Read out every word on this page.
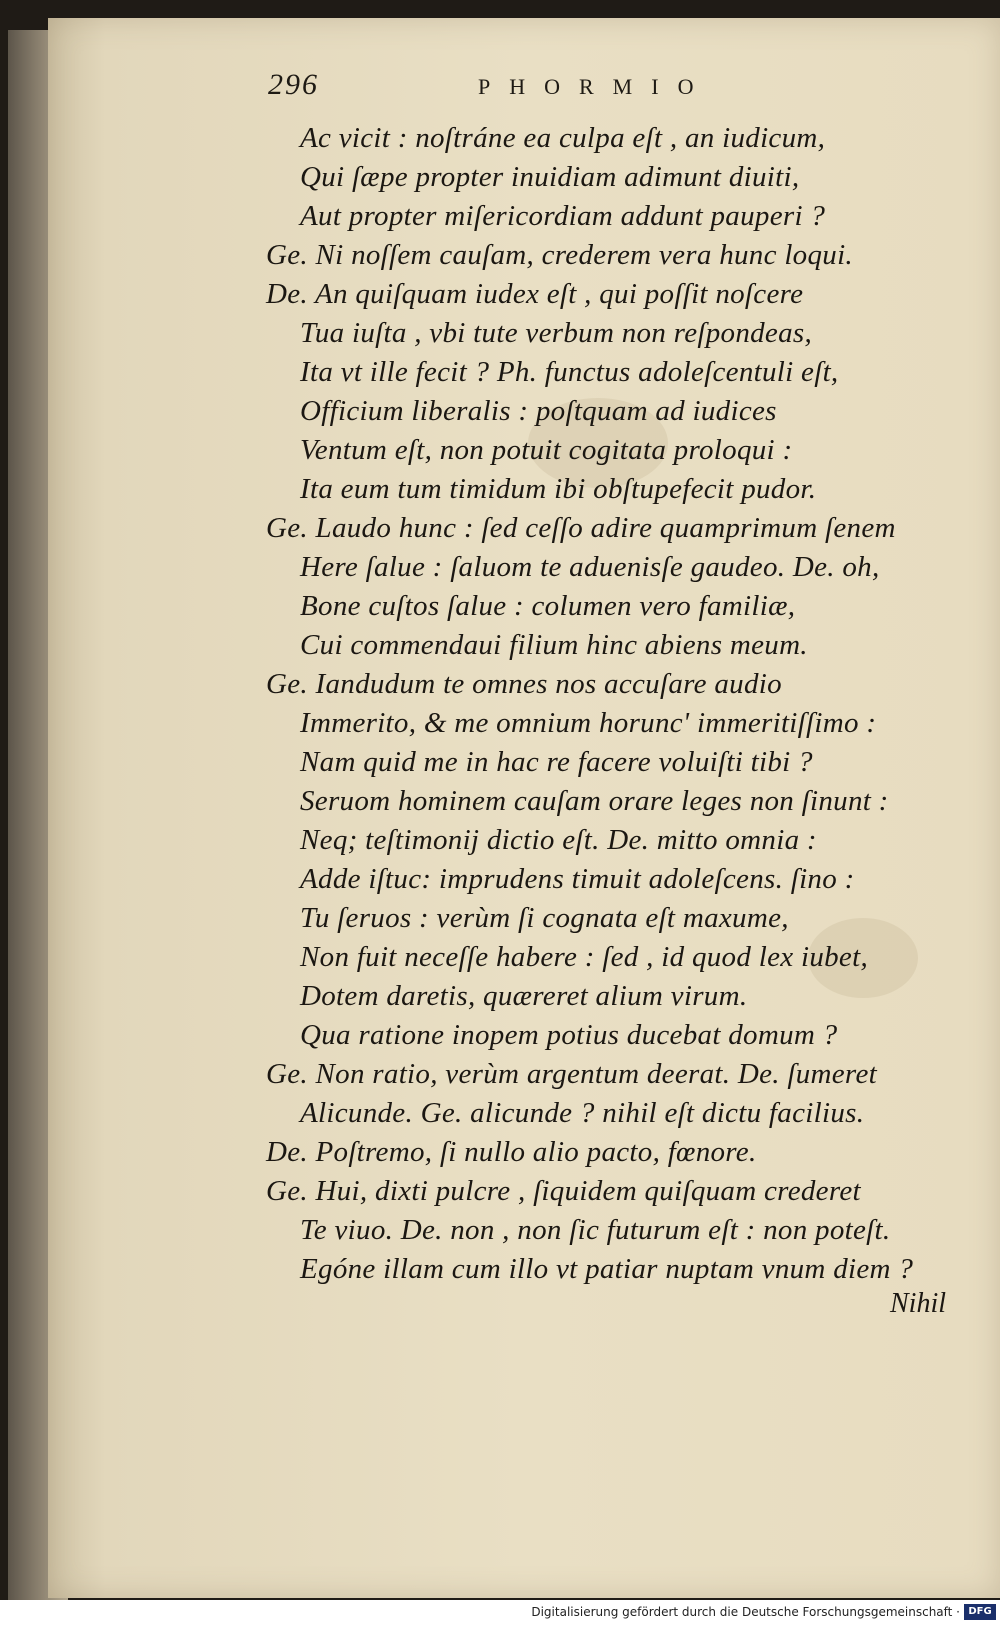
296	PHORMIO
Ac vicit : noſtráne ea culpa eſt , an iudicum,
Qui ſæpe propter inuidiam adimunt diuiti,
Aut propter miſericordiam addunt pauperi ?
Ge. Ni noſſem cauſam, crederem vera hunc loqui.
De. An quiſquam iudex eſt , qui poſſit noſcere
Tua iuſta , vbi tute verbum non reſpondeas,
Ita vt ille fecit ? Ph. functus adoleſcentuli eſt,
Officium liberalis : poſtquam ad iudices
Ventum eſt, non potuit cogitata proloqui :
Ita eum tum timidum ibi obſtupefecit pudor.
Ge. Laudo hunc : ſed ceſſo adire quamprimum ſenem
Here ſalue : ſaluom te aduenisſe gaudeo. De. oh,
Bone cuſtos ſalue : columen vero familiæ,
Cui commendaui filium hinc abiens meum.
Ge. Iandudum te omnes nos accuſare audio
Immerito, & me omnium horunc' immeritiſſimo :
Nam quid me in hac re facere voluiſti tibi ?
Seruom hominem cauſam orare leges non ſinunt :
Neq; teſtimonij dictio eſt. De. mitto omnia :
Adde iſtuc: imprudens timuit adoleſcens. ſino :
Tu ſeruos : verùm ſi cognata eſt maxume,
Non fuit neceſſe habere : ſed , id quod lex iubet,
Dotem daretis, quæreret alium virum.
Qua ratione inopem potius ducebat domum ?
Ge. Non ratio, verùm argentum deerat. De. ſumeret
Alicunde. Ge. alicunde ? nihil eſt dictu facilius.
De. Poſtremo, ſi nullo alio pacto, fœnore.
Ge. Hui, dixti pulcre , ſiquidem quiſquam crederet
Te viuo. De. non , non ſic futurum eſt : non poteſt.
Egóne illam cum illo vt patiar nuptam vnum diem ?
Nihil
Digitalisierung gefördert durch die Deutsche Forschungsgemeinschaft · DFG
